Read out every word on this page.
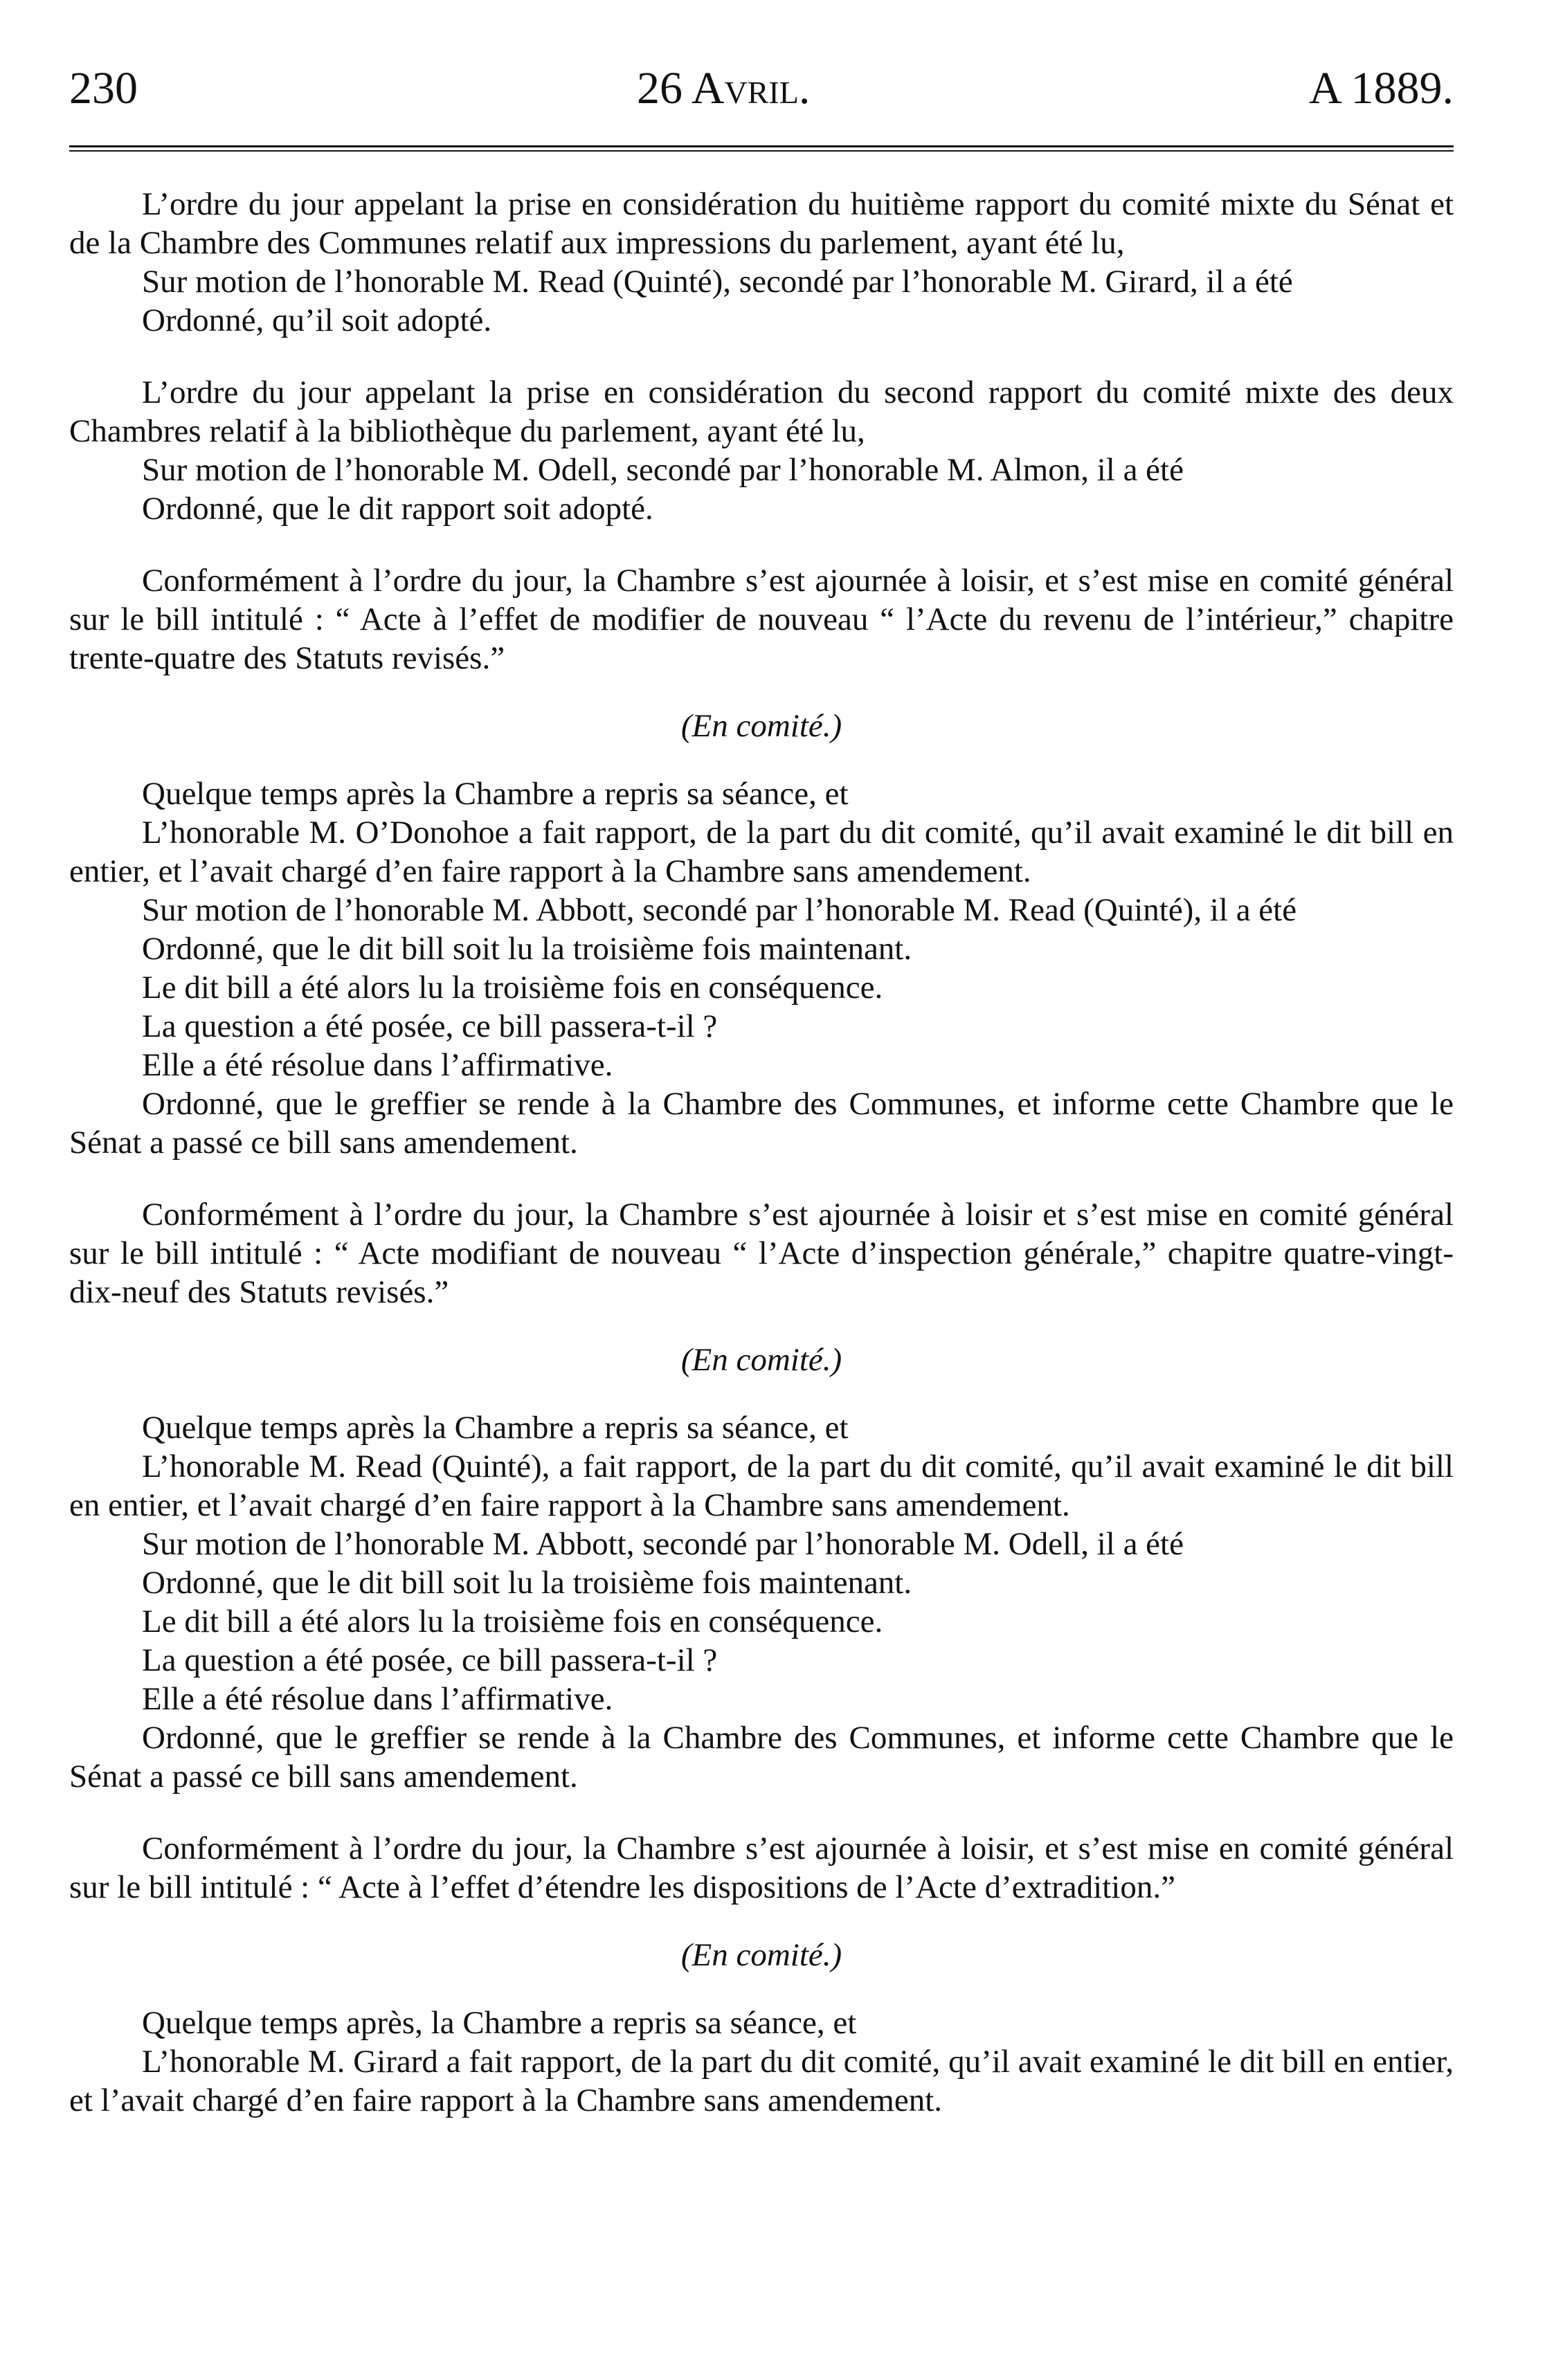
230	26 Avril.	A 1889.

L’ordre du jour appelant la prise en considération du huitième rapport du comité mixte du Sénat et de la Chambre des Communes relatif aux impressions du parlement, ayant été lu,

Sur motion de l’honorable M. Read (Quinté), secondé par l’honorable M. Girard, il a été

Ordonné, qu’il soit adopté.

L’ordre du jour appelant la prise en considération du second rapport du comité mixte des deux Chambres relatif à la bibliothèque du parlement, ayant été lu,

Sur motion de l’honorable M. Odell, secondé par l’honorable M. Almon, il a été

Ordonné, que le dit rapport soit adopté.

Conformément à l’ordre du jour, la Chambre s’est ajournée à loisir, et s’est mise en comité général sur le bill intitulé : “ Acte à l’effet de modifier de nouveau “ l’Acte du revenu de l’intérieur,” chapitre trente-quatre des Statuts revisés.”

(En comité.)

Quelque temps après la Chambre a repris sa séance, et

L’honorable M. O’Donohoe a fait rapport, de la part du dit comité, qu’il avait examiné le dit bill en entier, et l’avait chargé d’en faire rapport à la Chambre sans amendement.

Sur motion de l’honorable M. Abbott, secondé par l’honorable M. Read (Quinté), il a été

Ordonné, que le dit bill soit lu la troisième fois maintenant.

Le dit bill a été alors lu la troisième fois en conséquence.

La question a été posée, ce bill passera-t-il ?

Elle a été résolue dans l’affirmative.

Ordonné, que le greffier se rende à la Chambre des Communes, et informe cette Chambre que le Sénat a passé ce bill sans amendement.

Conformément à l’ordre du jour, la Chambre s’est ajournée à loisir et s’est mise en comité général sur le bill intitulé : “ Acte modifiant de nouveau “ l’Acte d’inspection générale,” chapitre quatre-vingt-dix-neuf des Statuts revisés.”

(En comité.)

Quelque temps après la Chambre a repris sa séance, et

L’honorable M. Read (Quinté), a fait rapport, de la part du dit comité, qu’il avait examiné le dit bill en entier, et l’avait chargé d’en faire rapport à la Chambre sans amendement.

Sur motion de l’honorable M. Abbott, secondé par l’honorable M. Odell, il a été

Ordonné, que le dit bill soit lu la troisième fois maintenant.

Le dit bill a été alors lu la troisième fois en conséquence.

La question a été posée, ce bill passera-t-il ?

Elle a été résolue dans l’affirmative.

Ordonné, que le greffier se rende à la Chambre des Communes, et informe cette Chambre que le Sénat a passé ce bill sans amendement.

Conformément à l’ordre du jour, la Chambre s’est ajournée à loisir, et s’est mise en comité général sur le bill intitulé : “ Acte à l’effet d’étendre les dispositions de l’Acte d’extradition.”

(En comité.)

Quelque temps après, la Chambre a repris sa séance, et

L’honorable M. Girard a fait rapport, de la part du dit comité, qu’il avait examiné le dit bill en entier, et l’avait chargé d’en faire rapport à la Chambre sans amendement.
